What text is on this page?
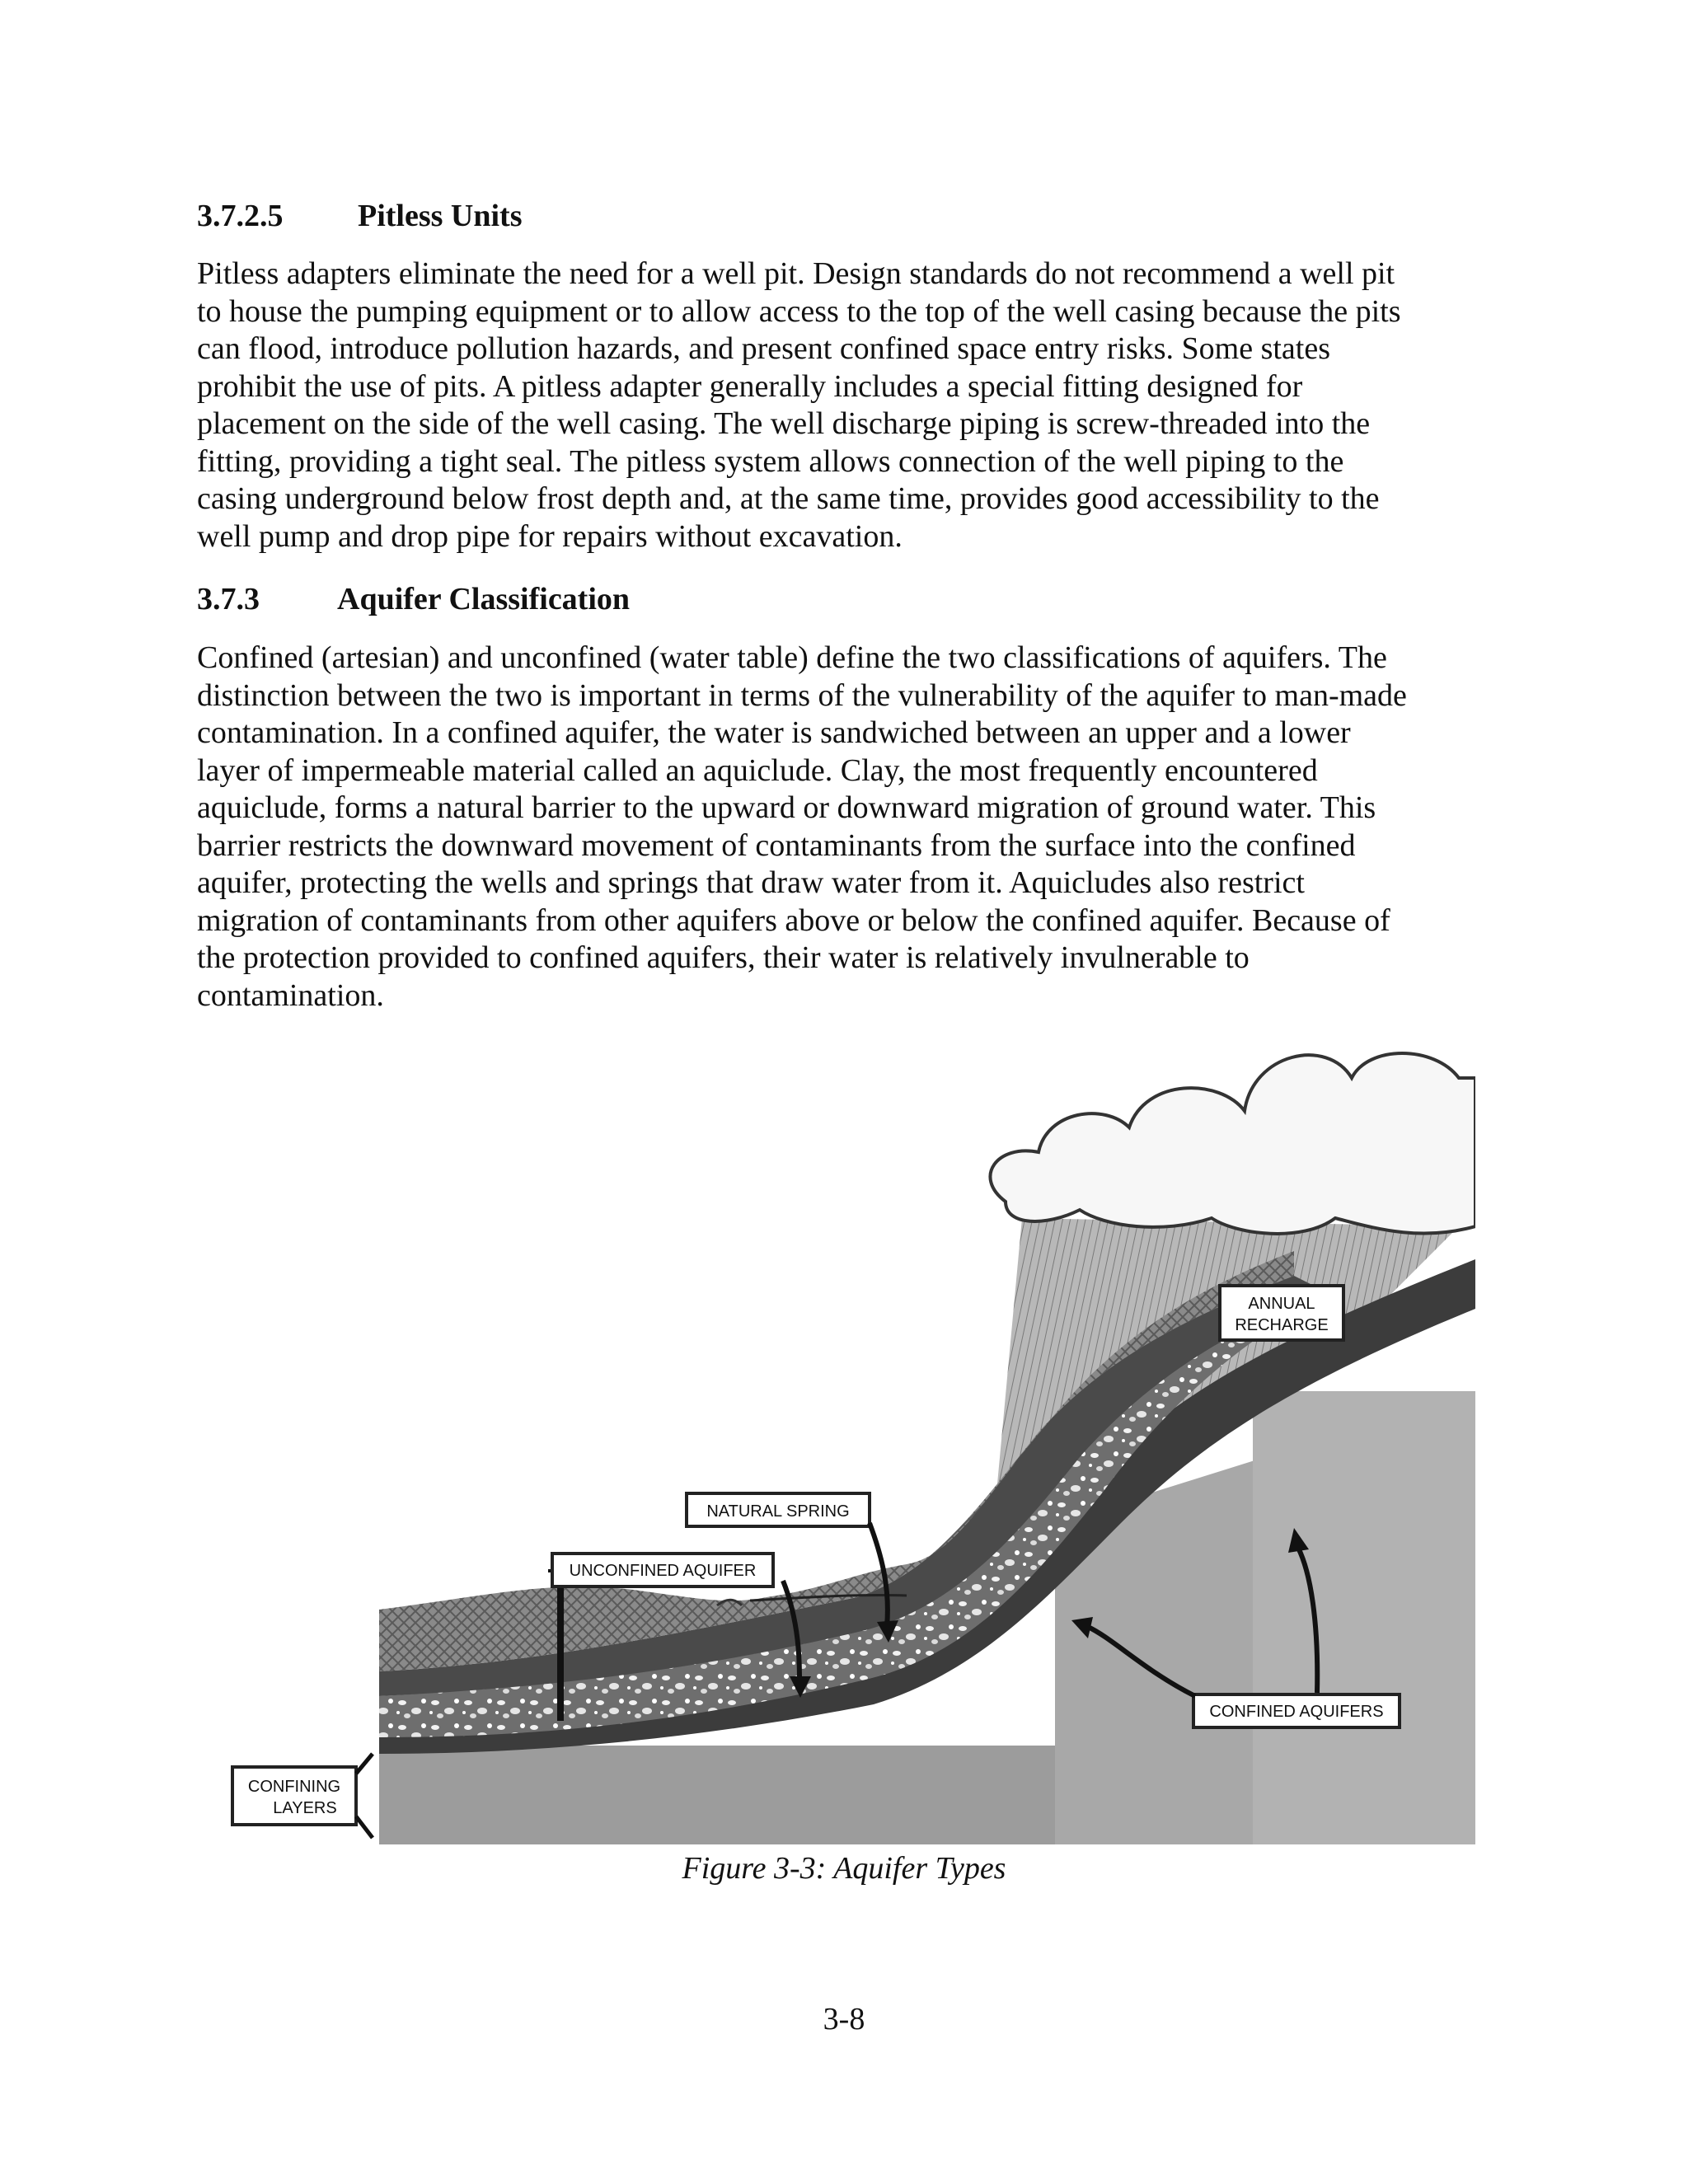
3.7.2.5 Pitless Units

Pitless adapters eliminate the need for a well pit. Design standards do not recommend a well pit
to house the pumping equipment or to allow access to the top of the well casing because the pits
can flood, introduce pollution hazards, and present confined space entry risks. Some states
prohibit the use of pits. A pitless adapter generally includes a special fitting designed for
placement on the side of the well casing. The well discharge piping is screw-threaded into the
fitting, providing a tight seal. The pitless system allows connection of the well piping to the
casing underground below frost depth and, at the same time, provides good accessibility to the
well pump and drop pipe for repairs without excavation.

3.7.3 Aquifer Classification

Confined (artesian) and unconfined (water table) define the two classifications of aquifers. The
distinction between the two is important in terms of the vulnerability of the aquifer to man-made
contamination. In a confined aquifer, the water is sandwiched between an upper and a lower
layer of impermeable material called an aquiclude. Clay, the most frequently encountered
aquiclude, forms a natural barrier to the upward or downward migration of ground water. This
barrier restricts the downward movement of contaminants from the surface into the confined
aquifer, protecting the wells and springs that draw water from it. Aquicludes also restrict
migration of contaminants from other aquifers above or below the confined aquifer. Because of
the protection provided to confined aquifers, their water is relatively invulnerable to
contamination.

ANNUAL
RECHARGE
NATURAL SPRING
UNCONFINED AQUIFER
CONFINED AQUIFERS
CONFINING
LAYERS
Figure 3-3: Aquifer Types
3-8
